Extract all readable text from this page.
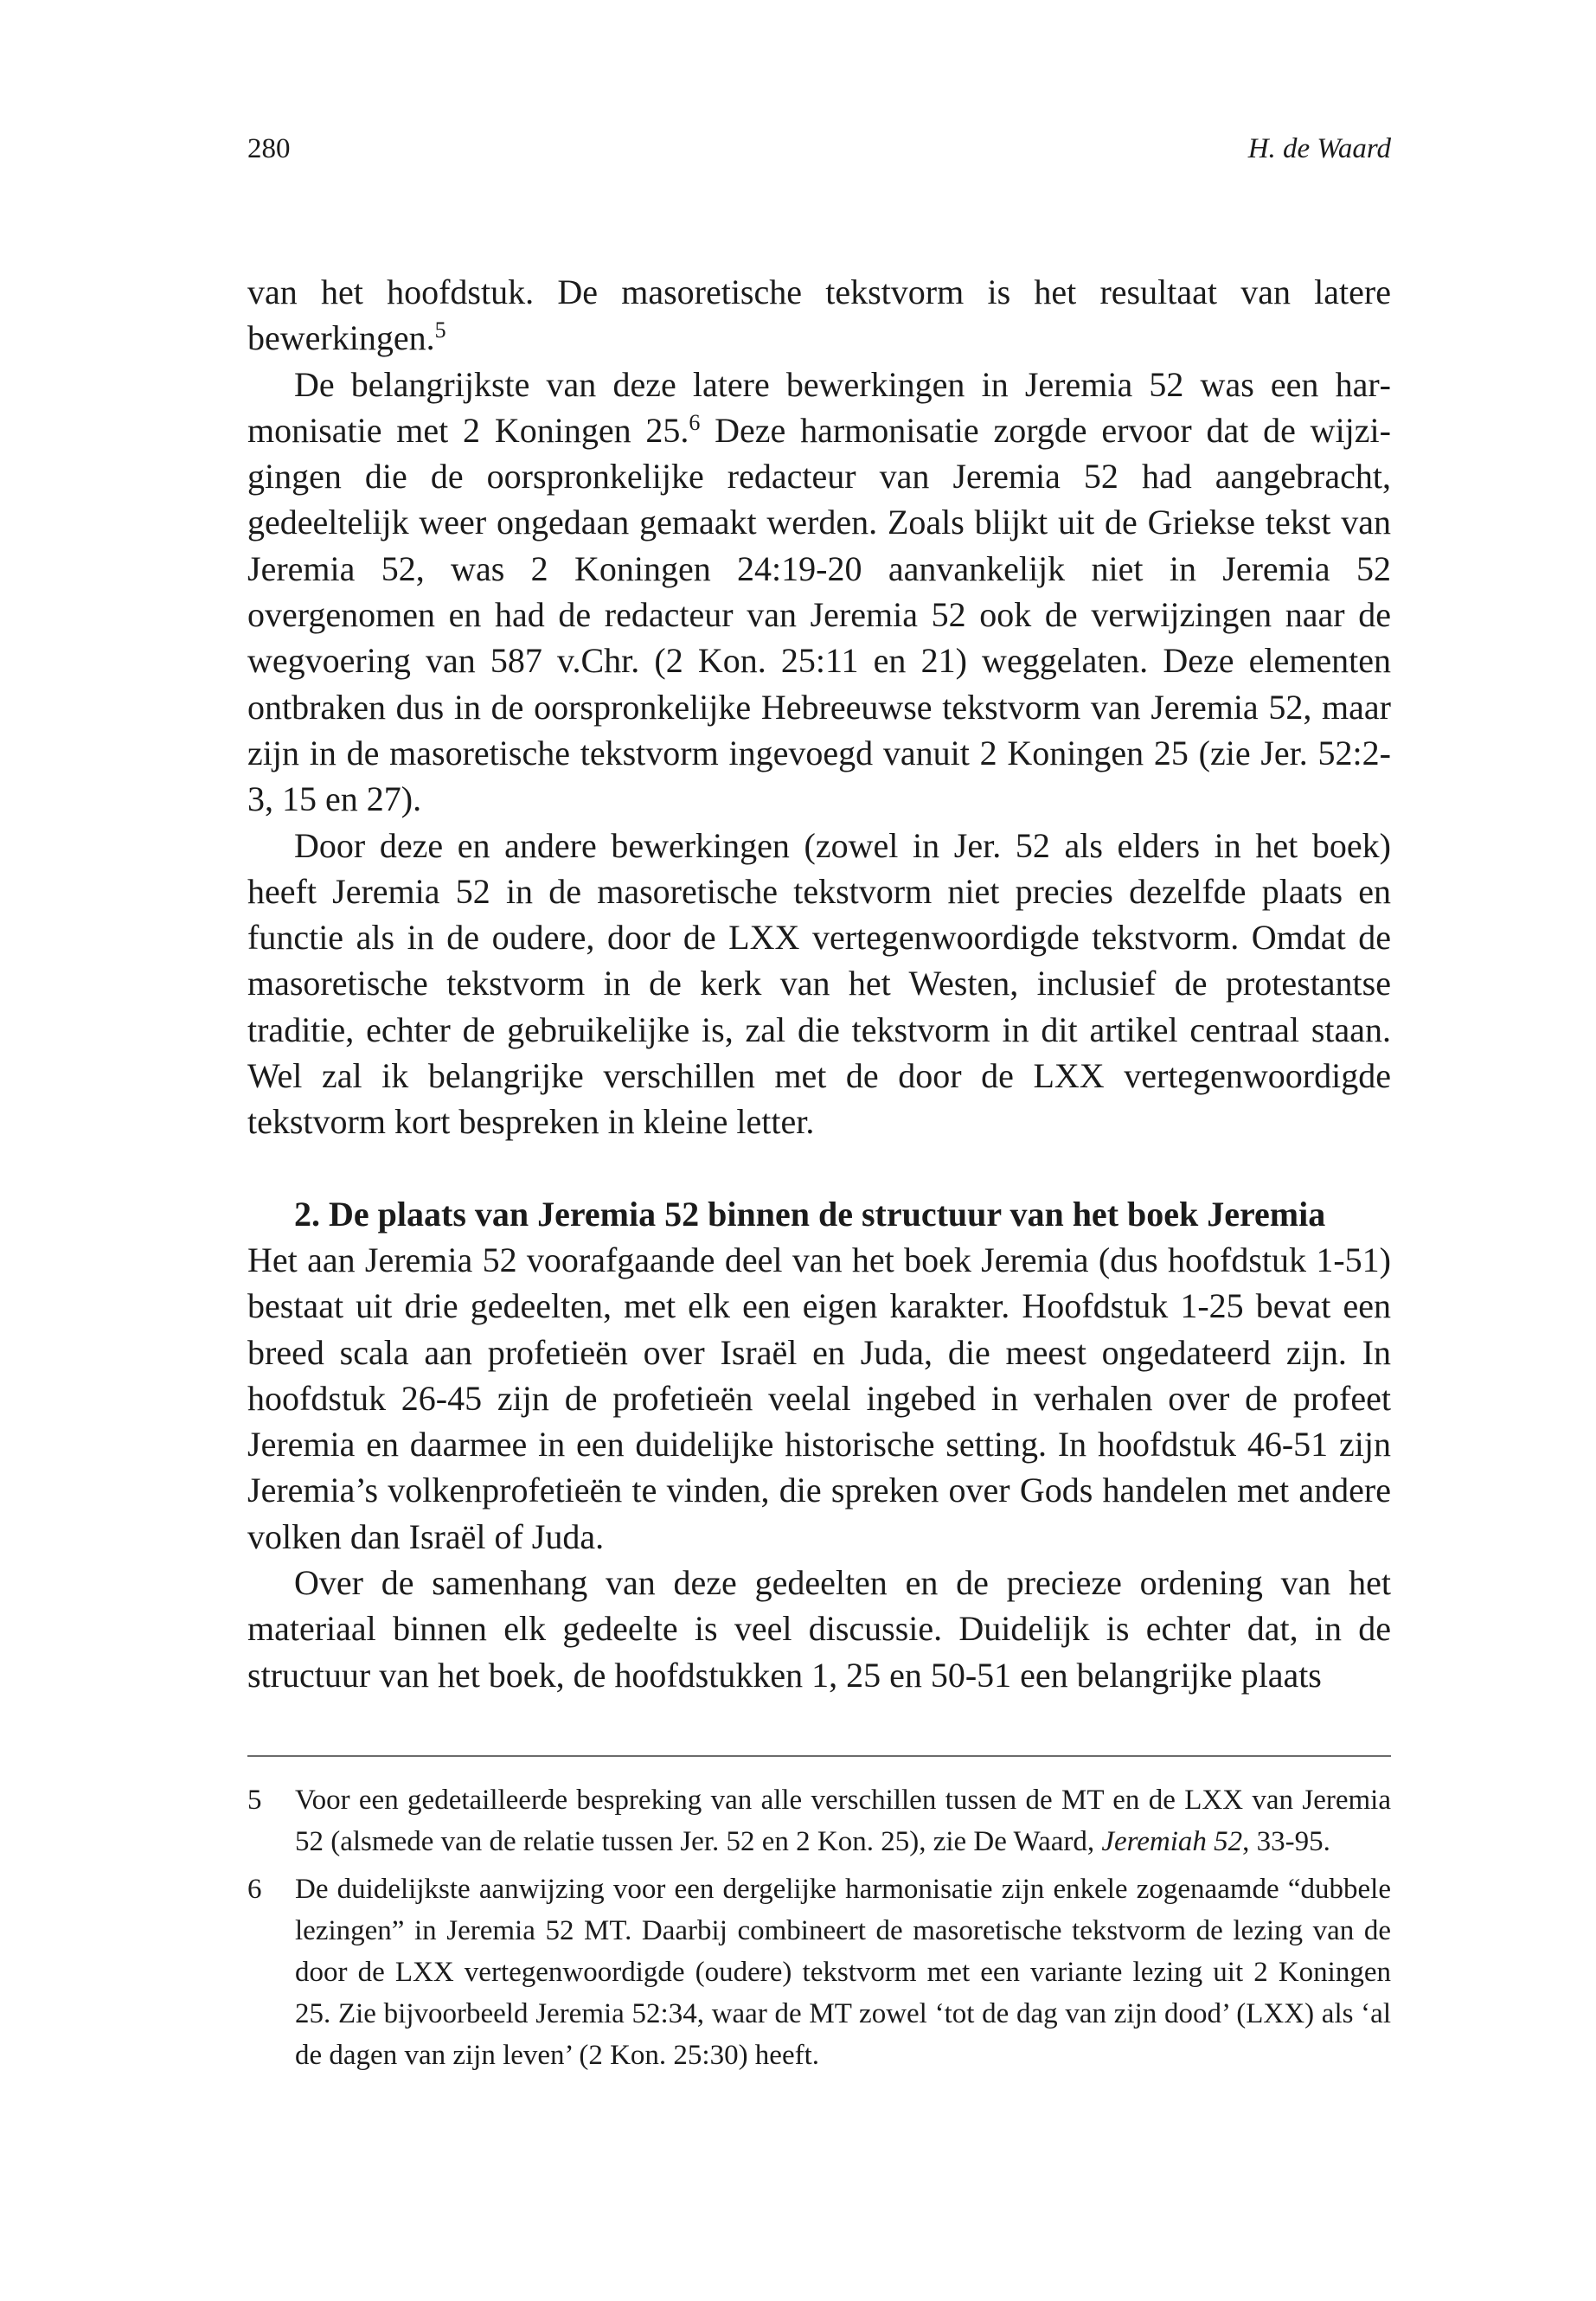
280	H. de Waard

van het hoofdstuk. De masoretische tekstvorm is het resultaat van latere bewerkingen.$^5$

De belangrijkste van deze latere bewerkingen in Jeremia 52 was een harmonisatie met 2 Koningen 25.$^6$ Deze harmonisatie zorgde ervoor dat de wijzigingen die de oorspronkelijke redacteur van Jeremia 52 had aangebracht, gedeeltelijk weer ongedaan gemaakt werden. Zoals blijkt uit de Griekse tekst van Jeremia 52, was 2 Koningen 24:19-20 aanvankelijk niet in Jeremia 52 overgenomen en had de redacteur van Jeremia 52 ook de verwijzingen naar de wegvoering van 587 v.Chr. (2 Kon. 25:11 en 21) weggelaten. Deze elementen ontbraken dus in de oorspronkelijke Hebreeuwse tekstvorm van Jeremia 52, maar zijn in de masoretische tekstvorm ingevoegd vanuit 2 Koningen 25 (zie Jer. 52:2-3, 15 en 27).

Door deze en andere bewerkingen (zowel in Jer. 52 als elders in het boek) heeft Jeremia 52 in de masoretische tekstvorm niet precies dezelfde plaats en functie als in de oudere, door de LXX vertegenwoordigde tekstvorm. Omdat de masoretische tekstvorm in de kerk van het Westen, inclusief de protestantse traditie, echter de gebruikelijke is, zal die tekstvorm in dit artikel centraal staan. Wel zal ik belangrijke verschillen met de door de LXX vertegenwoordigde tekstvorm kort bespreken in kleine letter.

2. De plaats van Jeremia 52 binnen de structuur van het boek Jeremia

Het aan Jeremia 52 voorafgaande deel van het boek Jeremia (dus hoofdstuk 1-51) bestaat uit drie gedeelten, met elk een eigen karakter. Hoofdstuk 1-25 bevat een breed scala aan profetieën over Israël en Juda, die meest ongedateerd zijn. In hoofdstuk 26-45 zijn de profetieën veelal ingebed in verhalen over de profeet Jeremia en daarmee in een duidelijke historische setting. In hoofdstuk 46-51 zijn Jeremia’s volkenprofetieën te vinden, die spreken over Gods handelen met andere volken dan Israël of Juda.

Over de samenhang van deze gedeelten en de precieze ordening van het materiaal binnen elk gedeelte is veel discussie. Duidelijk is echter dat, in de structuur van het boek, de hoofdstukken 1, 25 en 50-51 een belangrijke plaats

5	Voor een gedetailleerde bespreking van alle verschillen tussen de MT en de LXX van Jeremia 52 (alsmede van de relatie tussen Jer. 52 en 2 Kon. 25), zie De Waard, Jeremiah 52, 33-95.
6	De duidelijkste aanwijzing voor een dergelijke harmonisatie zijn enkele zogenaamde “dubbele lezingen” in Jeremia 52 MT. Daarbij combineert de masoretische tekstvorm de lezing van de door de LXX vertegenwoordigde (oudere) tekstvorm met een variante lezing uit 2 Koningen 25. Zie bijvoorbeeld Jeremia 52:34, waar de MT zowel ‘tot de dag van zijn dood’ (LXX) als ‘al de dagen van zijn leven’ (2 Kon. 25:30) heeft.
